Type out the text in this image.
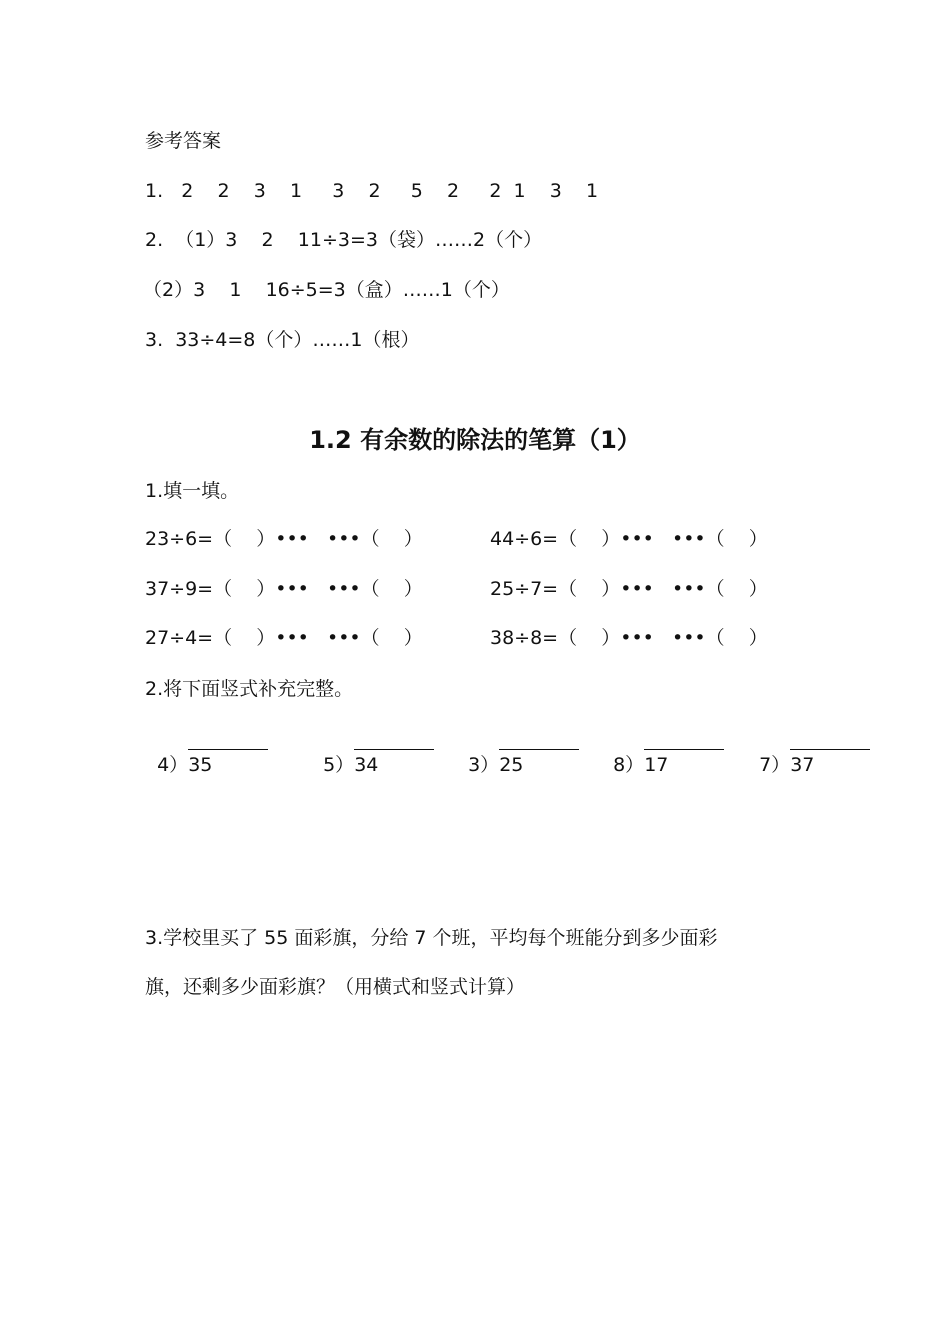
参考答案
1.   2    2    3    1     3    2     5    2     2  1    3    1
2.  （1）3    2    11÷3=3（袋）……2（个）
（2）3    1    16÷5=3（盒）……1（个）
3.  33÷4=8（个）……1（根）
1.2 有余数的除法的笔算（1）
1.填一填。
23÷6=（    ）•••   •••（    ）	44÷6=（    ）•••   •••（    ）
37÷9=（    ）•••   •••（    ）	25÷7=（    ）•••   •••（    ）
27÷4=（    ）•••   •••（    ）	38÷8=（    ）•••   •••（    ）
2.将下面竖式补充完整。

4）35	5）34	3）25	8）17	7）37

3.学校里买了 55 面彩旗，分给 7 个班，平均每个班能分到多少面彩
旗，还剩多少面彩旗？（用横式和竖式计算）
